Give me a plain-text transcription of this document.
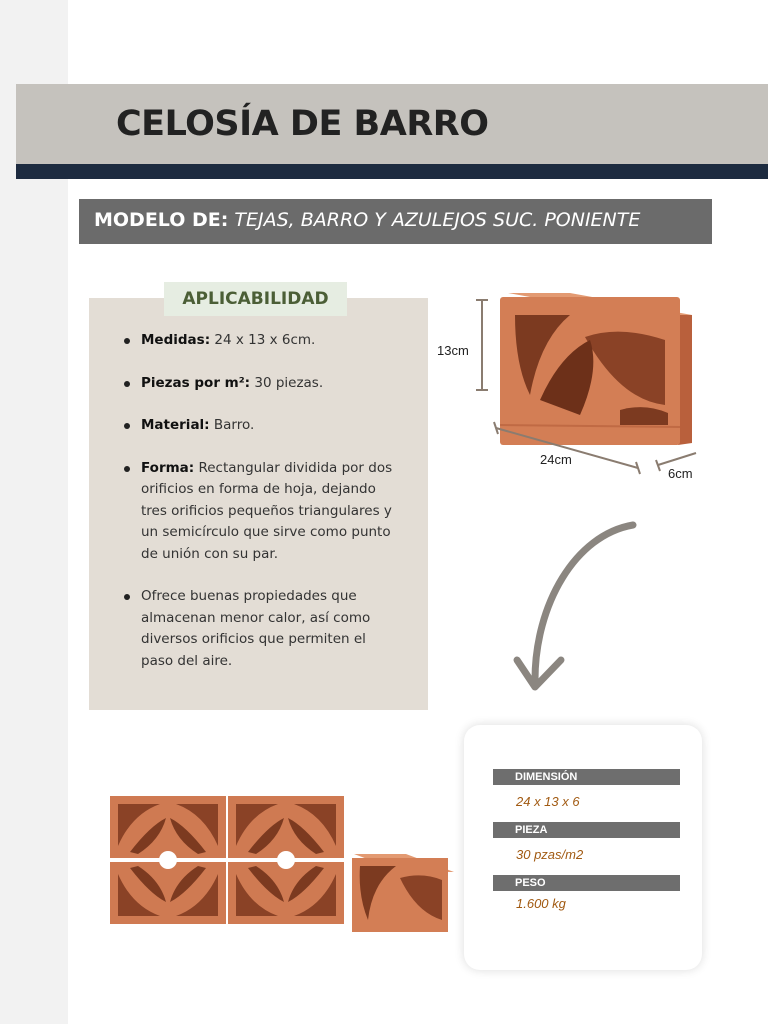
CELOSÍA DE BARRO
MODELO DE: TEJAS, BARRO Y AZULEJOS SUC. PONIENTE
APLICABILIDAD
Medidas: 24 x 13 x 6cm.
Piezas por m²: 30 piezas.
Material: Barro.
Forma: Rectangular dividida por dos orificios en forma de hoja, dejando tres orificios pequeños triangulares y un semicírculo que sirve como punto de unión con su par.
Ofrece buenas propiedades que almacenan menor calor, así como diversos orificios que permiten el paso del aire.
13cm
24cm
6cm
DIMENSIÓN
24 x 13 x 6
PIEZA
30 pzas/m2
PESO
1.600 kg
